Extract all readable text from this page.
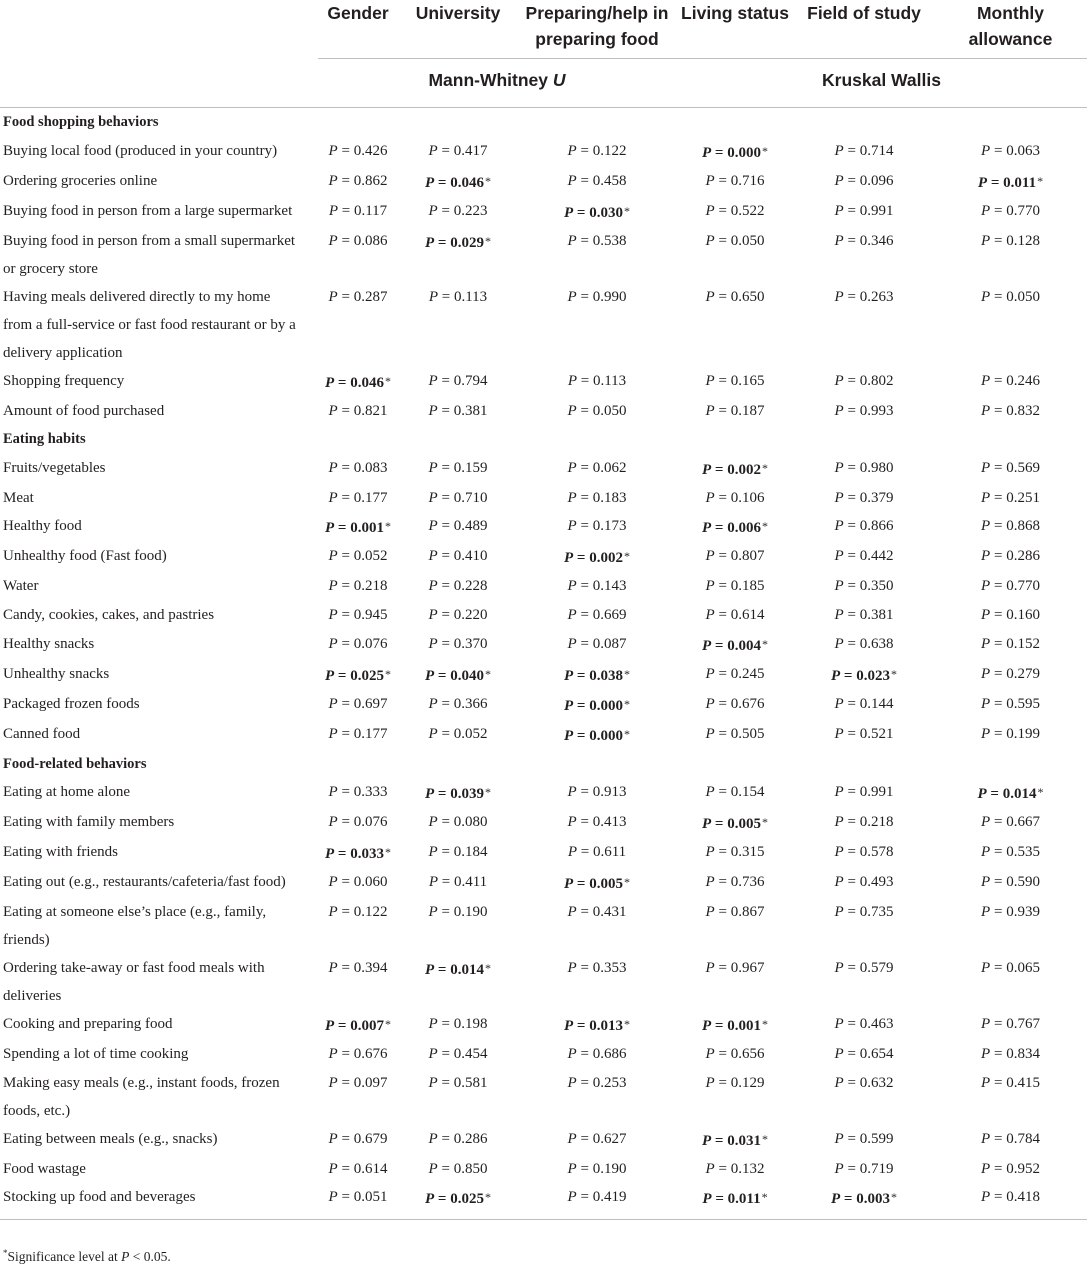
	Gender	University	Preparing/help in preparing food	Living status	Field of study	Monthly allowance
	Mann-Whitney U			Kruskal Wallis		

Food shopping behaviors						
Buying local food (produced in your country)	P = 0.426	P = 0.417	P = 0.122	P = 0.000*	P = 0.714	P = 0.063
Ordering groceries online	P = 0.862	P = 0.046*	P = 0.458	P = 0.716	P = 0.096	P = 0.011*
Buying food in person from a large supermarket	P = 0.117	P = 0.223	P = 0.030*	P = 0.522	P = 0.991	P = 0.770
Buying food in person from a small supermarket or grocery store	P = 0.086	P = 0.029*	P = 0.538	P = 0.050	P = 0.346	P = 0.128
Having meals delivered directly to my home from a full-service or fast food restaurant or by a delivery application	P = 0.287	P = 0.113	P = 0.990	P = 0.650	P = 0.263	P = 0.050
Shopping frequency	P = 0.046*	P = 0.794	P = 0.113	P = 0.165	P = 0.802	P = 0.246
Amount of food purchased	P = 0.821	P = 0.381	P = 0.050	P = 0.187	P = 0.993	P = 0.832
Eating habits						
Fruits/vegetables	P = 0.083	P = 0.159	P = 0.062	P = 0.002*	P = 0.980	P = 0.569
Meat	P = 0.177	P = 0.710	P = 0.183	P = 0.106	P = 0.379	P = 0.251
Healthy food	P = 0.001*	P = 0.489	P = 0.173	P = 0.006*	P = 0.866	P = 0.868
Unhealthy food (Fast food)	P = 0.052	P = 0.410	P = 0.002*	P = 0.807	P = 0.442	P = 0.286
Water	P = 0.218	P = 0.228	P = 0.143	P = 0.185	P = 0.350	P = 0.770
Candy, cookies, cakes, and pastries	P = 0.945	P = 0.220	P = 0.669	P = 0.614	P = 0.381	P = 0.160
Healthy snacks	P = 0.076	P = 0.370	P = 0.087	P = 0.004*	P = 0.638	P = 0.152
Unhealthy snacks	P = 0.025*	P = 0.040*	P = 0.038*	P = 0.245	P = 0.023*	P = 0.279
Packaged frozen foods	P = 0.697	P = 0.366	P = 0.000*	P = 0.676	P = 0.144	P = 0.595
Canned food	P = 0.177	P = 0.052	P = 0.000*	P = 0.505	P = 0.521	P = 0.199
Food-related behaviors						
Eating at home alone	P = 0.333	P = 0.039*	P = 0.913	P = 0.154	P = 0.991	P = 0.014*
Eating with family members	P = 0.076	P = 0.080	P = 0.413	P = 0.005*	P = 0.218	P = 0.667
Eating with friends	P = 0.033*	P = 0.184	P = 0.611	P = 0.315	P = 0.578	P = 0.535
Eating out (e.g., restaurants/cafeteria/fast food)	P = 0.060	P = 0.411	P = 0.005*	P = 0.736	P = 0.493	P = 0.590
Eating at someone else’s place (e.g., family, friends)	P = 0.122	P = 0.190	P = 0.431	P = 0.867	P = 0.735	P = 0.939
Ordering take-away or fast food meals with deliveries	P = 0.394	P = 0.014*	P = 0.353	P = 0.967	P = 0.579	P = 0.065
Cooking and preparing food	P = 0.007*	P = 0.198	P = 0.013*	P = 0.001*	P = 0.463	P = 0.767
Spending a lot of time cooking	P = 0.676	P = 0.454	P = 0.686	P = 0.656	P = 0.654	P = 0.834
Making easy meals (e.g., instant foods, frozen foods, etc.)	P = 0.097	P = 0.581	P = 0.253	P = 0.129	P = 0.632	P = 0.415
Eating between meals (e.g., snacks)	P = 0.679	P = 0.286	P = 0.627	P = 0.031*	P = 0.599	P = 0.784
Food wastage	P = 0.614	P = 0.850	P = 0.190	P = 0.132	P = 0.719	P = 0.952
Stocking up food and beverages	P = 0.051	P = 0.025*	P = 0.419	P = 0.011*	P = 0.003*	P = 0.418
*Significance level at P < 0.05.
